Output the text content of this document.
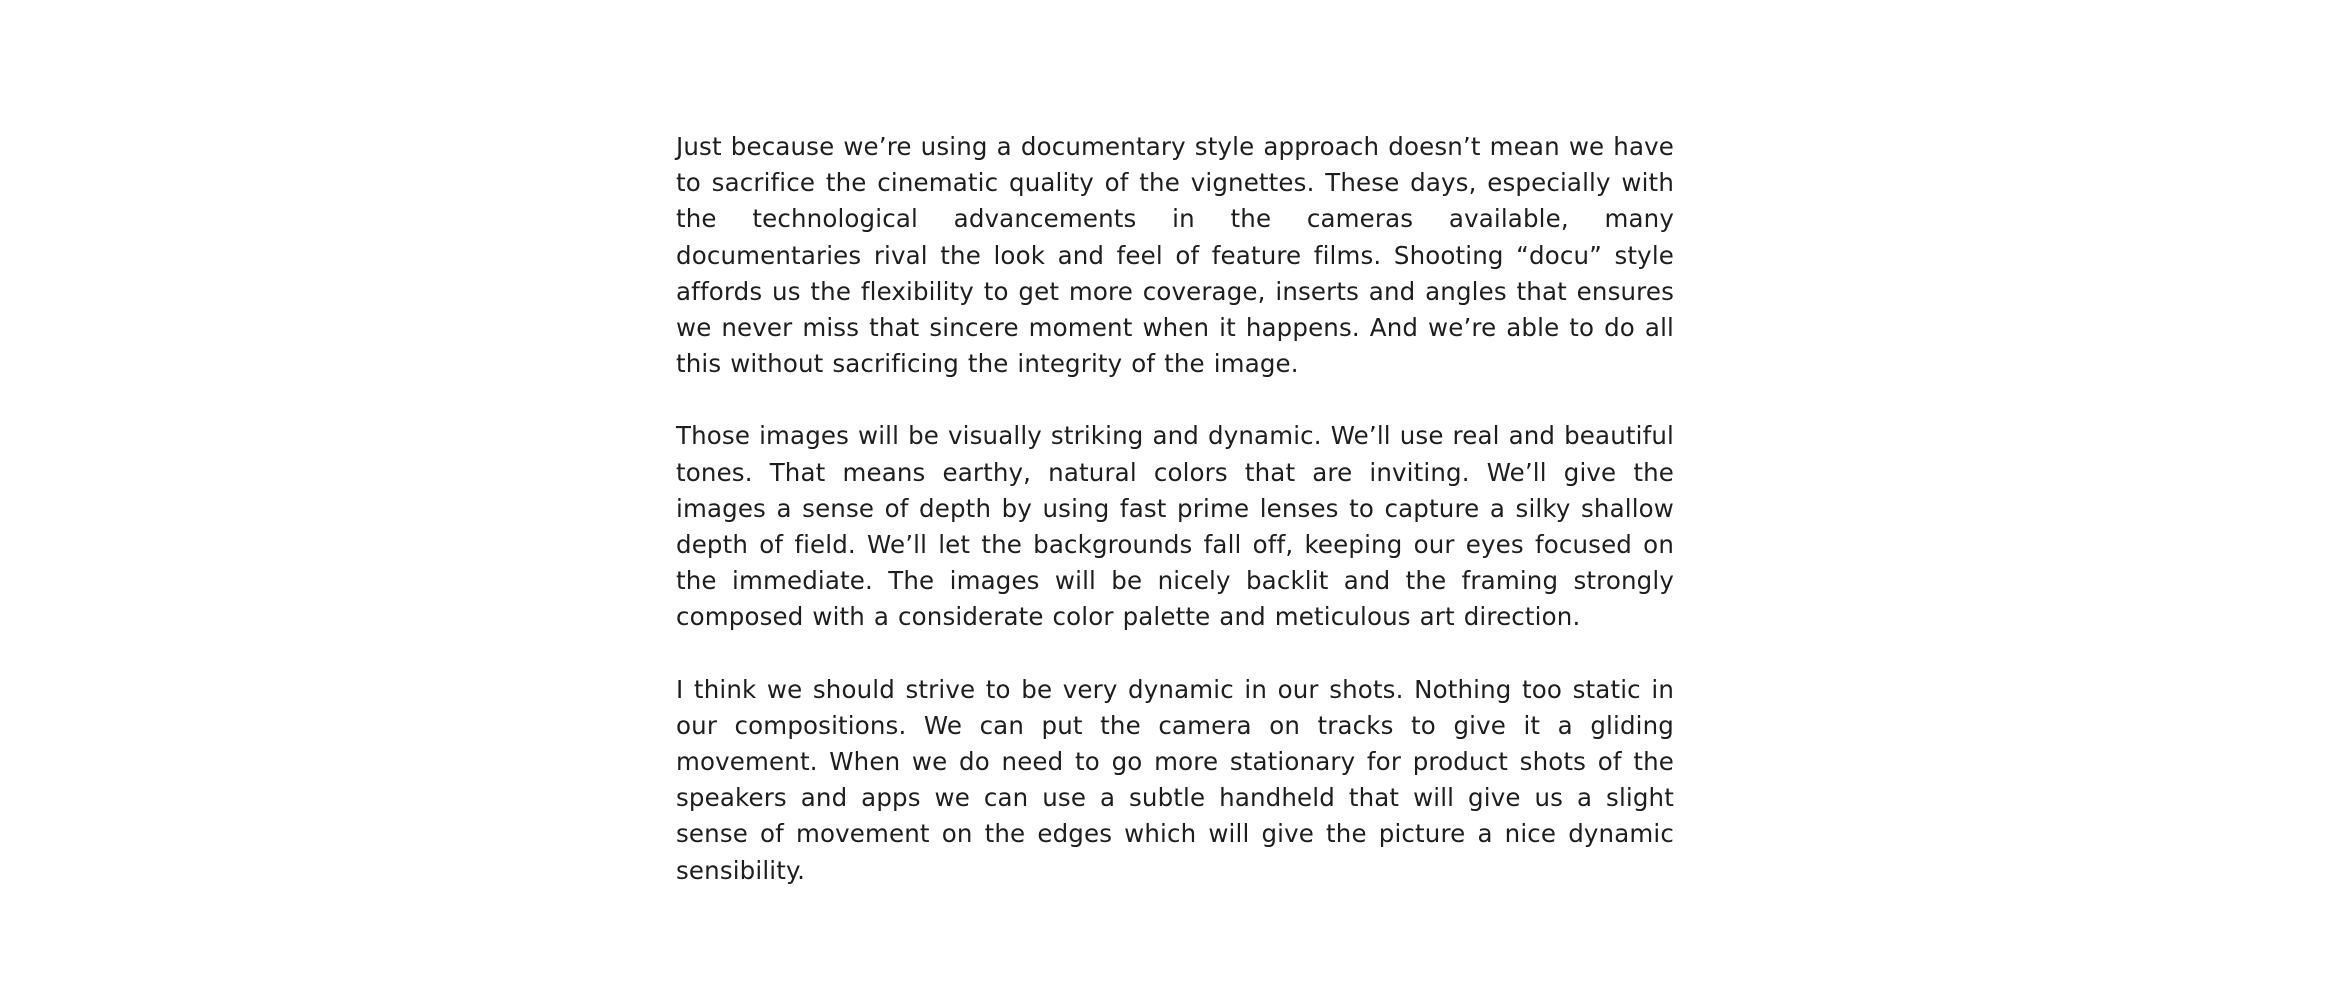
Just because we’re using a documentary style approach doesn’t mean we have to sacrifice the cinematic quality of the vignettes. These days, especially with the technological advancements in the cameras available, many documentaries rival the look and feel of feature films. Shooting “docu” style affords us the flexibility to get more coverage, inserts and angles that ensures we never miss that sincere moment when it happens. And we’re able to do all this without sacrificing the integrity of the image.

Those images will be visually striking and dynamic. We’ll use real and beautiful tones. That means earthy, natural colors that are inviting. We’ll give the images a sense of depth by using fast prime lenses to capture a silky shallow depth of field. We’ll let the backgrounds fall off, keeping our eyes focused on the immediate. The images will be nicely backlit and the framing strongly composed with a considerate color palette and meticulous art direction.

I think we should strive to be very dynamic in our shots. Nothing too static in our compositions. We can put the camera on tracks to give it a gliding movement. When we do need to go more stationary for product shots of the speakers and apps we can use a subtle handheld that will give us a slight sense of movement on the edges which will give the picture a nice dynamic sensibility.
